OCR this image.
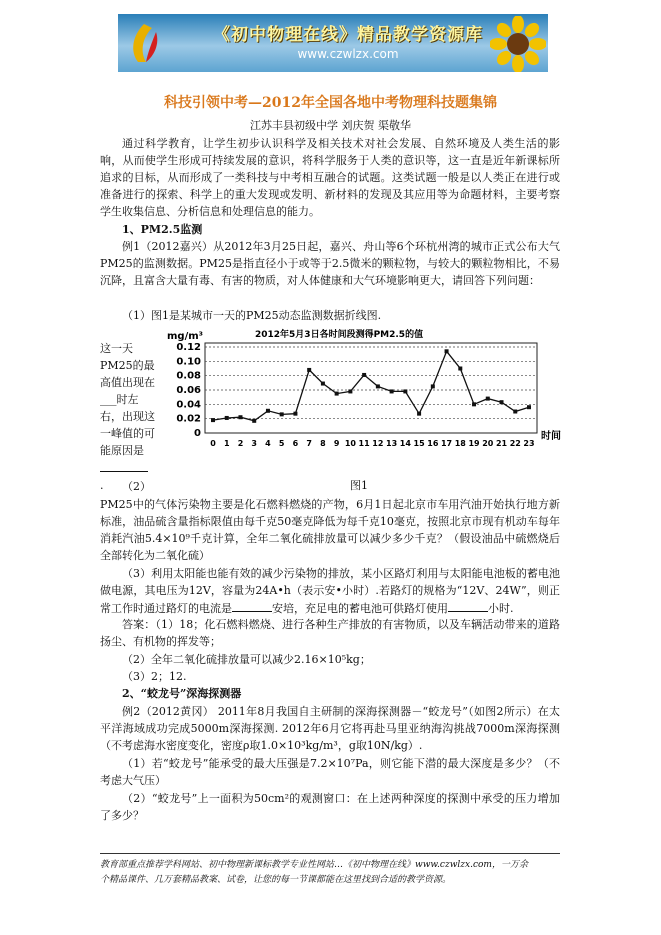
《初中物理在线》精品教学资源库
www.czwlzx.com
科技引领中考—2012年全国各地中考物理科技题集锦
江苏丰县初级中学 刘庆贺 渠敬华
通过科学教育，让学生初步认识科学及相关技术对社会发展、自然环境及人类生活的影响，从而使学生形成可持续发展的意识，将科学服务于人类的意识等，这一直是近年新课标所追求的目标，从而形成了一类科技与中考相互融合的试题。这类试题一般是以人类正在进行或准备进行的探索、科学上的重大发现或发明、新材料的发现及其应用等为命题材料，主要考察学生收集信息、分析信息和处理信息的能力。
1、PM2.5监测
例1（2012嘉兴）从2012年3月25日起，嘉兴、舟山等6个环杭州湾的城市正式公布大气PM25的监测数据。PM25是指直径小于或等于2.5微米的颗粒物，与较大的颗粒物相比，不易沉降，且富含大量有毒、有害的物质，对人体健康和大气环境影响更大，请回答下列问题：
（1）图1是某城市一天的PM25动态监测数据折线图.
这一天PM25的最高值出现在___时左右，出现这一峰值的可能原因是
.
mg/m³	2012年5月3日各时间段测得PM2.5的值
0
0.02
0.04
0.06
0.08
0.10
0.12
0 1 2 3 4 5 6 7 8 9 10 11 12 13 14 15 16 17 18 19 20 21 22 23
时间
图1
（2）
PM25中的气体污染物主要是化石燃料燃烧的产物，6月1日起北京市车用汽油开始执行地方新标准，油品硫含量指标限值由每千克50毫克降低为每千克10毫克，按照北京市现有机动车每年消耗汽油5.4×10⁹千克计算，全年二氧化硫排放量可以减少多少千克？（假设油品中硫燃烧后全部转化为二氧化硫）
（3）利用太阳能也能有效的减少污染物的排放，某小区路灯利用与太阳能电池板的蓄电池做电源，其电压为12V，容量为24A•h（表示安•小时）.若路灯的规格为“12V、24W”，则正常工作时通过路灯的电流是	安培，充足电的蓄电池可供路灯使用	小时.
答案：（1）18；化石燃料燃烧、进行各种生产排放的有害物质，以及车辆活动带来的道路扬尘、有机物的挥发等；
（2）全年二氧化硫排放量可以减少2.16×10⁵kg；
（3）2；12.
2、“蛟龙号”深海探测器
例2（2012黄冈） 2011年8月我国自主研制的深海探测器－“蛟龙号”（如图2所示）在太平洋海域成功完成5000m深海探测. 2012年6月它将再赴马里亚纳海沟挑战7000m深海探测（不考虑海水密度变化，密度ρ取1.0×10³kg/m³，g取10N/kg）.
（1）若“蛟龙号”能承受的最大压强是7.2×10⁷Pa，则它能下潜的最大深度是多少？（不考虑大气压）
（2）“蛟龙号”上一面积为50cm²的观测窗口：在上述两种深度的探测中承受的压力增加了多少？
教育部重点推荐学科网站、初中物理新课标教学专业性网站…《初中物理在线》www.czwlzx.com，一万余
个精品课件、几万套精品教案、试卷，让您的每一节课都能在这里找到合适的教学资源。
